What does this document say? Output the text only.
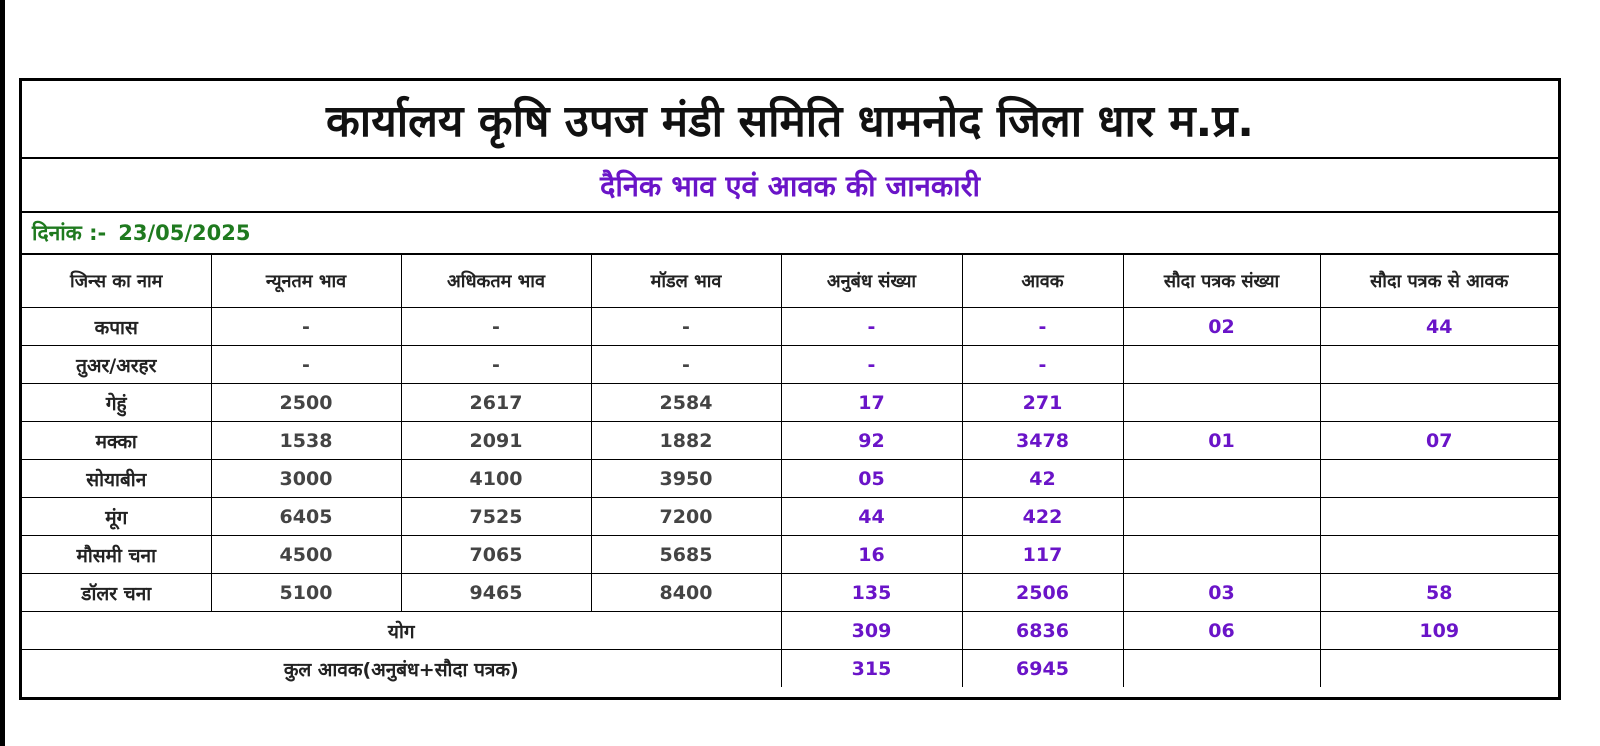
कार्यालय कृषि उपज मंडी समिति धामनोद जिला धार म.प्र.
दैनिक भाव एवं आवक की जानकारी
दिनांक :- 23/05/2025
जिन्स का नाम	न्यूनतम भाव	अधिकतम भाव	मॉडल भाव	अनुबंध संख्या	आवक	सौदा पत्रक संख्या	सौदा पत्रक से आवक
कपास	-	-	-	-	-	02	44
तुअर/अरहर	-	-	-	-	-		
गेहुं	2500	2617	2584	17	271		
मक्का	1538	2091	1882	92	3478	01	07
सोयाबीन	3000	4100	3950	05	42		
मूंग	6405	7525	7200	44	422		
मौसमी चना	4500	7065	5685	16	117		
डॉलर चना	5100	9465	8400	135	2506	03	58
योग				309	6836	06	109
कुल आवक(अनुबंध+सौदा पत्रक)				315	6945		
